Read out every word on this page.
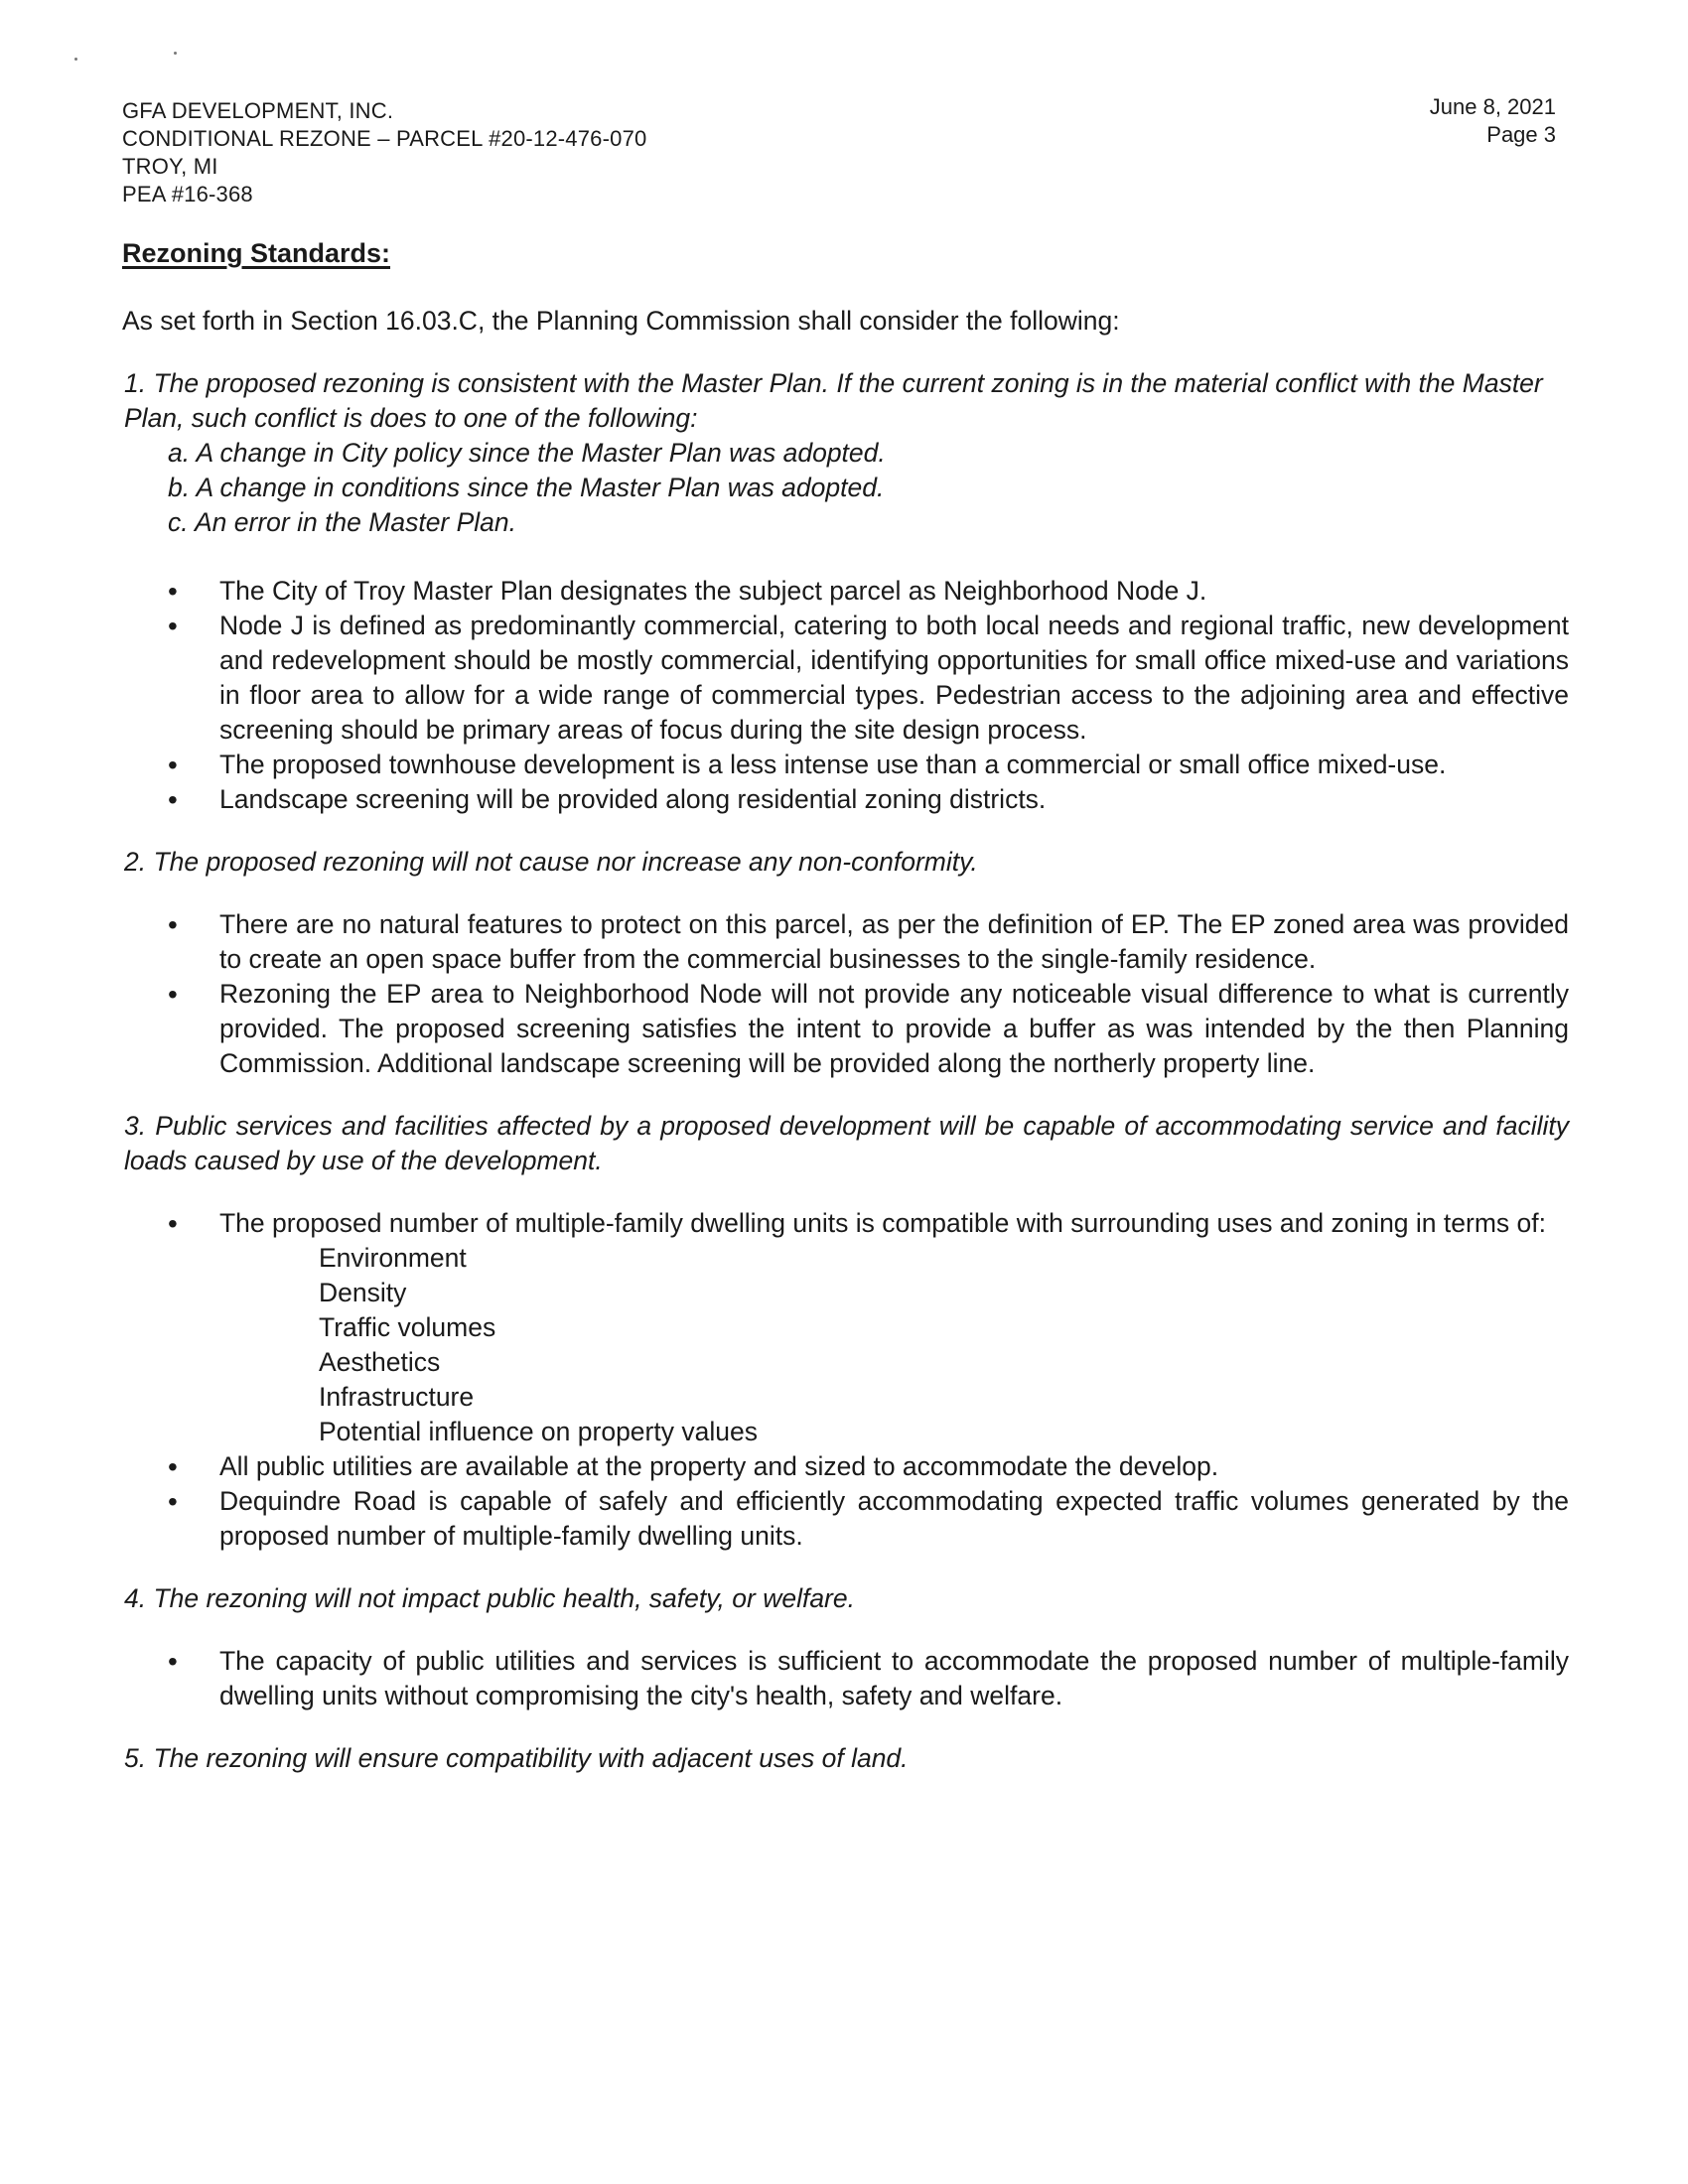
GFA DEVELOPMENT, INC.
CONDITIONAL REZONE – PARCEL #20-12-476-070
TROY, MI
PEA #16-368
June 8, 2021
Page 3
Rezoning Standards:

As set forth in Section 16.03.C, the Planning Commission shall consider the following:

1. The proposed rezoning is consistent with the Master Plan. If the current zoning is in the material conflict with the Master Plan, such conflict is does to one of the following:
a. A change in City policy since the Master Plan was adopted.
b. A change in conditions since the Master Plan was adopted.
c. An error in the Master Plan.
• The City of Troy Master Plan designates the subject parcel as Neighborhood Node J.
• Node J is defined as predominantly commercial, catering to both local needs and regional traffic, new development and redevelopment should be mostly commercial, identifying opportunities for small office mixed-use and variations in floor area to allow for a wide range of commercial types. Pedestrian access to the adjoining area and effective screening should be primary areas of focus during the site design process.
• The proposed townhouse development is a less intense use than a commercial or small office mixed-use.
• Landscape screening will be provided along residential zoning districts.
2. The proposed rezoning will not cause nor increase any non-conformity.
• There are no natural features to protect on this parcel, as per the definition of EP. The EP zoned area was provided to create an open space buffer from the commercial businesses to the single-family residence.
• Rezoning the EP area to Neighborhood Node will not provide any noticeable visual difference to what is currently provided. The proposed screening satisfies the intent to provide a buffer as was intended by the then Planning Commission. Additional landscape screening will be provided along the northerly property line.
3. Public services and facilities affected by a proposed development will be capable of accommodating service and facility loads caused by use of the development.
• The proposed number of multiple-family dwelling units is compatible with surrounding uses and zoning in terms of:
Environment
Density
Traffic volumes
Aesthetics
Infrastructure
Potential influence on property values
• All public utilities are available at the property and sized to accommodate the develop.
• Dequindre Road is capable of safely and efficiently accommodating expected traffic volumes generated by the proposed number of multiple-family dwelling units.
4. The rezoning will not impact public health, safety, or welfare.
• The capacity of public utilities and services is sufficient to accommodate the proposed number of multiple-family dwelling units without compromising the city's health, safety and welfare.
5. The rezoning will ensure compatibility with adjacent uses of land.
